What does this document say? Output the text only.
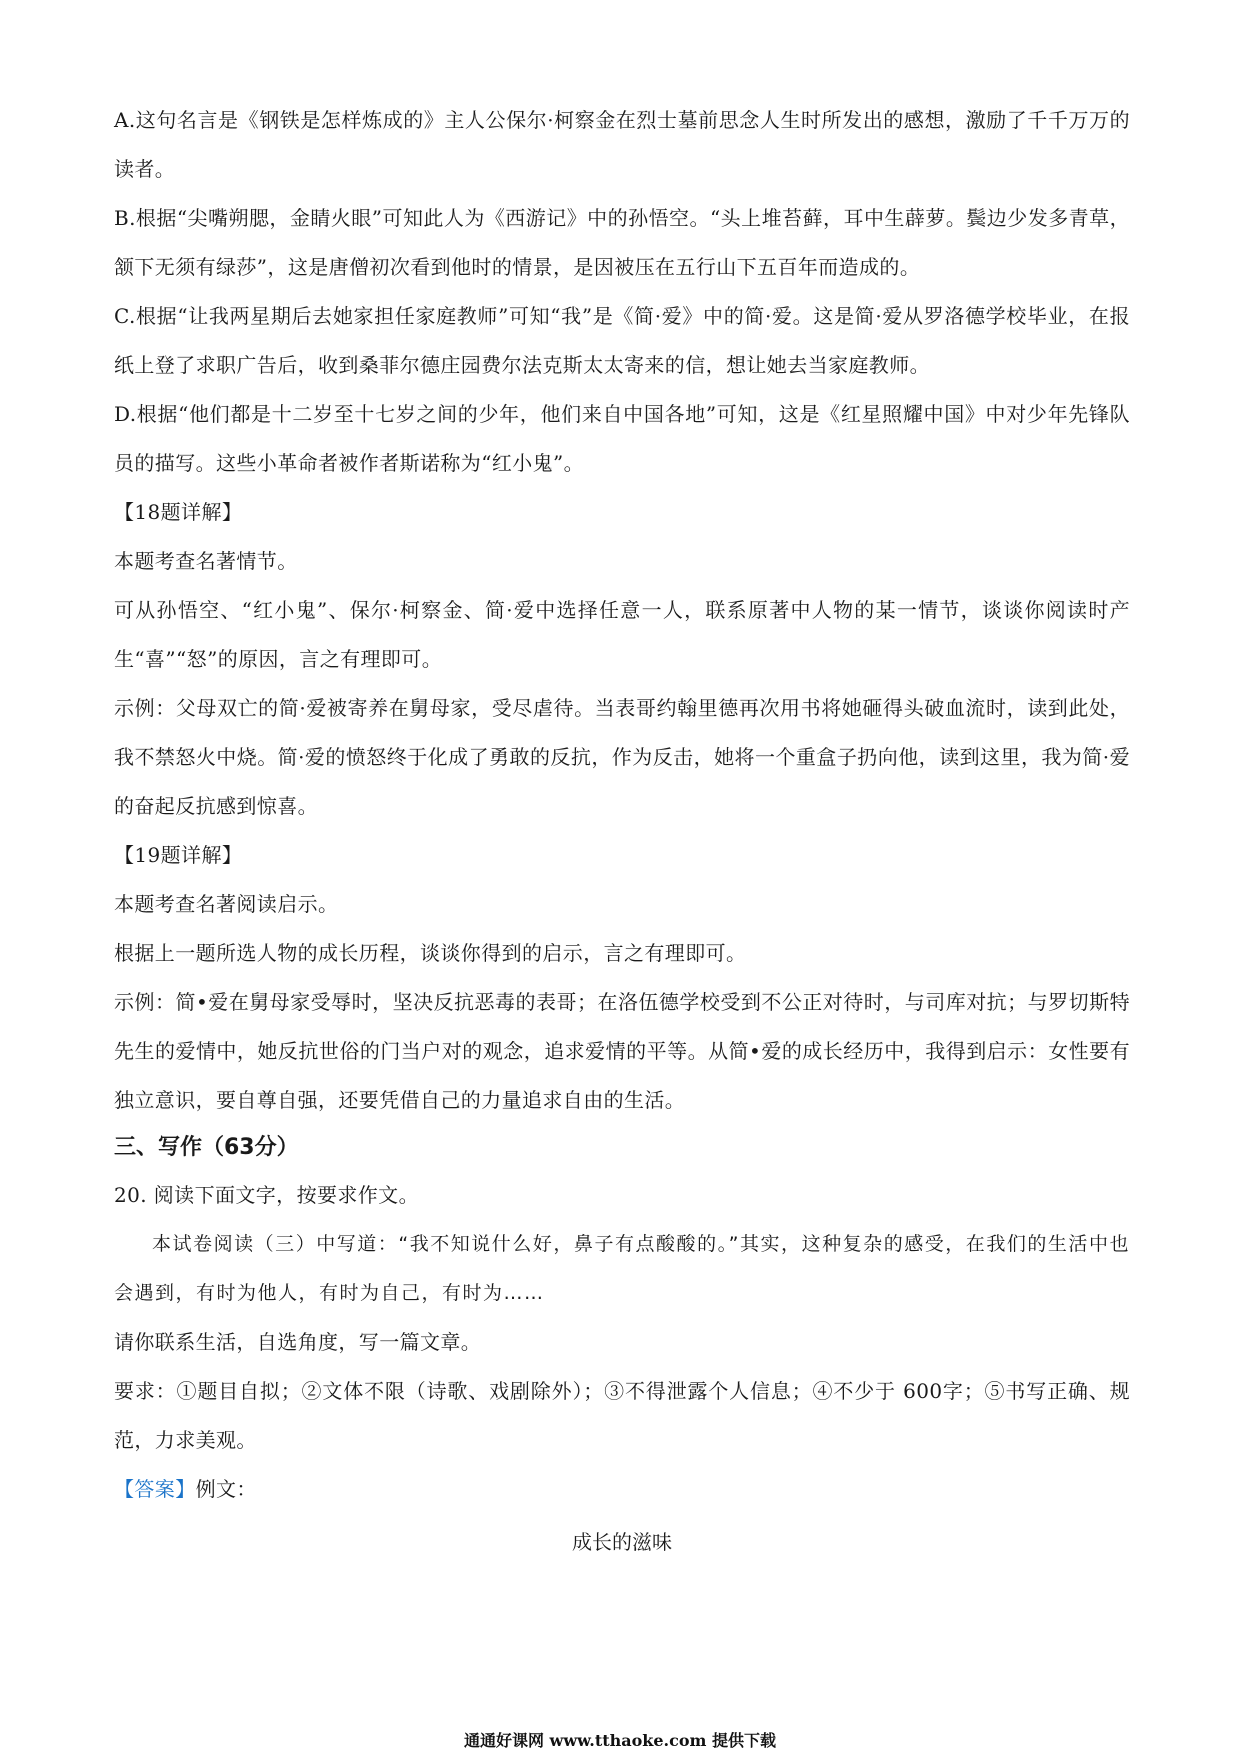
A.这句名言是《钢铁是怎样炼成的》主人公保尔·柯察金在烈士墓前思念人生时所发出的感想，激励了千千万万的读者。

B.根据“尖嘴朔腮，金睛火眼”可知此人为《西游记》中的孙悟空。“头上堆苔藓，耳中生薜萝。鬓边少发多青草，颔下无须有绿莎”，这是唐僧初次看到他时的情景，是因被压在五行山下五百年而造成的。

C.根据“让我两星期后去她家担任家庭教师”可知“我”是《简·爱》中的简·爱。这是简·爱从罗洛德学校毕业，在报纸上登了求职广告后，收到桑菲尔德庄园费尔法克斯太太寄来的信，想让她去当家庭教师。

D.根据“他们都是十二岁至十七岁之间的少年，他们来自中国各地”可知，这是《红星照耀中国》中对少年先锋队员的描写。这些小革命者被作者斯诺称为“红小鬼”。

【18题详解】

本题考查名著情节。

可从孙悟空、“红小鬼”、保尔·柯察金、简·爱中选择任意一人，联系原著中人物的某一情节，谈谈你阅读时产生“喜”“怒”的原因，言之有理即可。

示例：父母双亡的简·爱被寄养在舅母家，受尽虐待。当表哥约翰里德再次用书将她砸得头破血流时，读到此处，我不禁怒火中烧。简·爱的愤怒终于化成了勇敢的反抗，作为反击，她将一个重盒子扔向他，读到这里，我为简·爱的奋起反抗感到惊喜。

【19题详解】

本题考查名著阅读启示。

根据上一题所选人物的成长历程，谈谈你得到的启示，言之有理即可。

示例：简•爱在舅母家受辱时，坚决反抗恶毒的表哥；在洛伍德学校受到不公正对待时，与司库对抗；与罗切斯特先生的爱情中，她反抗世俗的门当户对的观念，追求爱情的平等。从简•爱的成长经历中，我得到启示：女性要有独立意识，要自尊自强，还要凭借自己的力量追求自由的生活。

三、写作（63分）

20. 阅读下面文字，按要求作文。

本试卷阅读（三）中写道：“我不知说什么好，鼻子有点酸酸的。”其实，这种复杂的感受，在我们的生活中也会遇到，有时为他人，有时为自己，有时为……

请你联系生活，自选角度，写一篇文章。

要求：①题目自拟；②文体不限（诗歌、戏剧除外）；③不得泄露个人信息；④不少于 600字；⑤书写正确、规范，力求美观。

【答案】例文：

成长的滋味

通通好课网 www.tthaoke.com 提供下载
